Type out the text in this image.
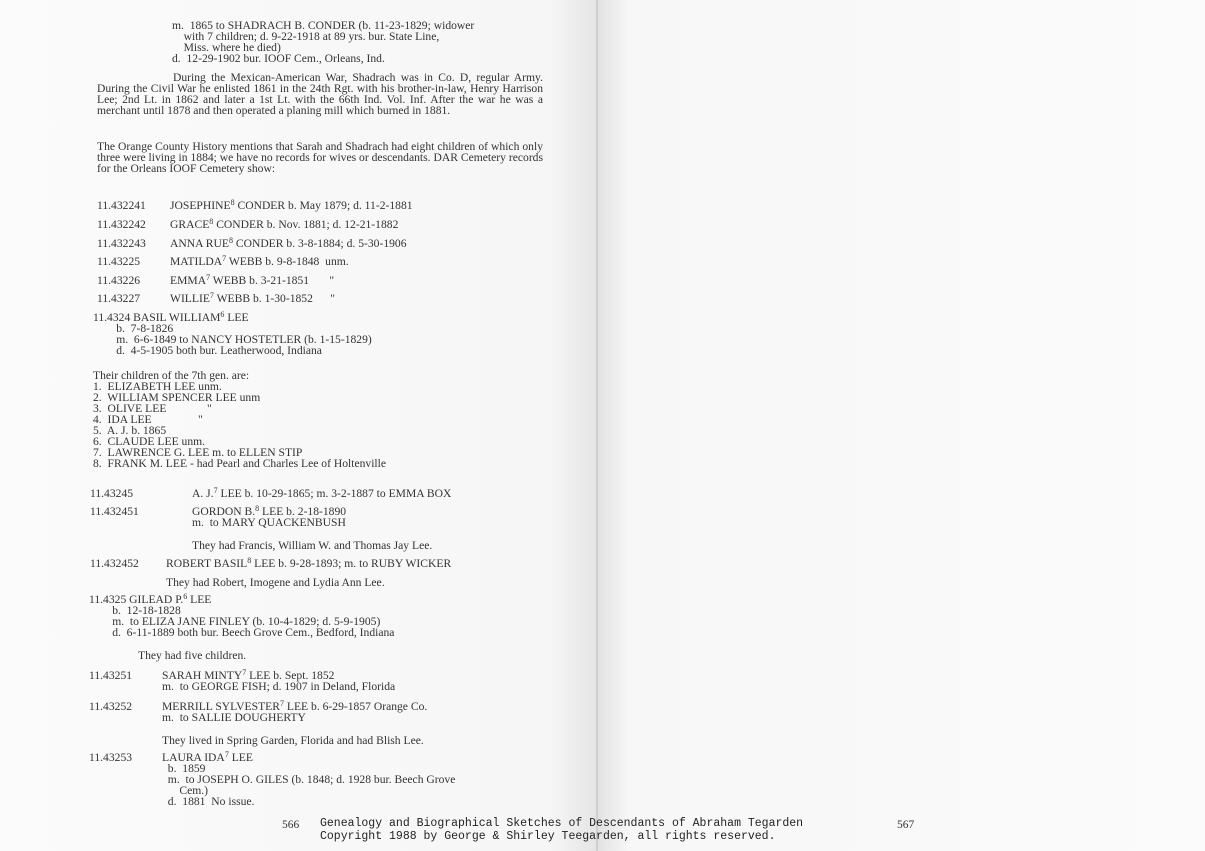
m.  1865 to SHADRACH B. CONDER (b. 11-23-1829; widower
with 7 children; d. 9-22-1918 at 89 yrs. bur. State Line,
Miss. where he died)
d.  12-29-1902 bur. IOOF Cem., Orleans, Ind.
During the Mexican-American War, Shadrach was in Co. D, regular Army. During the Civil War he enlisted 1861 in the 24th Rgt. with his brother-in-law, Henry Harrison Lee; 2nd Lt. in 1862 and later a 1st Lt. with the 66th Ind. Vol. Inf. After the war he was a merchant until 1878 and then operated a planing mill which burned in 1881.
The Orange County History mentions that Sarah and Shadrach had eight children of which only three were living in 1884; we have no records for wives or descendants. DAR Cemetery records for the Orleans IOOF Cemetery show:
11.432241 JOSEPHINE$^8$ CONDER b. May 1879; d. 11-2-1881
11.432242 GRACE$^8$ CONDER b. Nov. 1881; d. 12-21-1882
11.432243 ANNA RUE$^8$ CONDER b. 3-8-1884; d. 5-30-1906
11.43225	MATILDA$^7$ WEBB b. 9-8-1848  unm.
11.43226	EMMA$^7$ WEBB b. 3-21-1851       "
11.43227	WILLIE$^7$ WEBB b. 1-30-1852      "
11.4324 BASIL WILLIAM$^6$ LEE
b.  7-8-1826
m.  6-6-1849 to NANCY HOSTETLER (b. 1-15-1829)
d.  4-5-1905 both bur. Leatherwood, Indiana
Their children of the 7th gen. are:
1.  ELIZABETH LEE unm.
2.  WILLIAM SPENCER LEE unm
3.  OLIVE LEE              "
4.  IDA LEE                "
5.  A. J. b. 1865
6.  CLAUDE LEE unm.
7.  LAWRENCE G. LEE m. to ELLEN STIP
8.  FRANK M. LEE - had Pearl and Charles Lee of Holtenville
11.43245	A. J.$^7$ LEE b. 10-29-1865; m. 3-2-1887 to EMMA BOX
11.432451	GORDON B.$^8$ LEE b. 2-18-1890
m.  to MARY QUACKENBUSH
They had Francis, William W. and Thomas Jay Lee.
11.432452 ROBERT BASIL$^8$ LEE b. 9-28-1893; m. to RUBY WICKER
They had Robert, Imogene and Lydia Ann Lee.
11.4325 GILEAD P.$^6$ LEE
b.  12-18-1828
m.  to ELIZA JANE FINLEY (b. 10-4-1829; d. 5-9-1905)
d.  6-11-1889 both bur. Beech Grove Cem., Bedford, Indiana
They had five children.
11.43251	SARAH MINTY$^7$ LEE b. Sept. 1852
m.  to GEORGE FISH; d. 1907 in Deland, Florida
11.43252	MERRILL SYLVESTER$^7$ LEE b. 6-29-1857 Orange Co.
m.  to SALLIE DOUGHERTY
They lived in Spring Garden, Florida and had Blish Lee.
11.43253	LAURA IDA$^7$ LEE
b.  1859
m.  to JOSEPH O. GILES (b. 1848; d. 1928 bur. Beech Grove
Cem.)
d.  1881  No issue.
566	567
Genealogy and Biographical Sketches of Descendants of Abraham Tegarden
Copyright 1988 by George & Shirley Teegarden, all rights reserved.
